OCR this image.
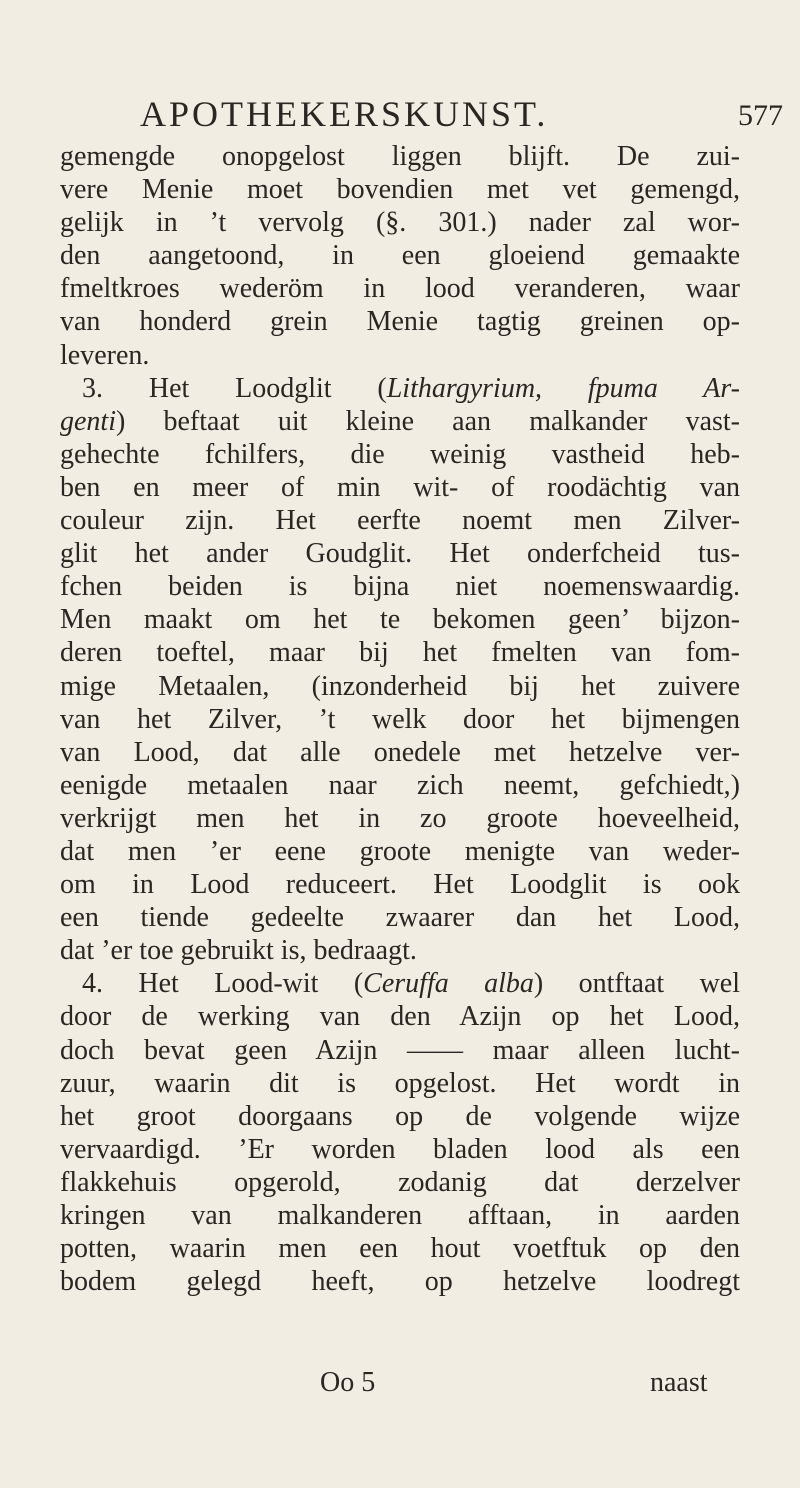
APOTHEKERSKUNST.	577
gemengde onopgelost liggen blijft. De zui-
vere Menie moet bovendien met vet gemengd,
gelijk in ’t vervolg (§. 301.) nader zal wor-
den aangetoond, in een gloeiend gemaakte
fmeltkroes wederöm in lood veranderen, waar
van honderd grein Menie tagtig greinen op-
leveren.
3. Het Loodglit (Lithargyrium, fpuma Ar-
genti) beftaat uit kleine aan malkander vast-
gehechte fchilfers, die weinig vastheid heb-
ben en meer of min wit- of roodächtig van
couleur zijn. Het eerfte noemt men Zilver-
glit het ander Goudglit. Het onderfcheid tus-
fchen beiden is bijna niet noemenswaardig.
Men maakt om het te bekomen geen’ bijzon-
deren toeftel, maar bij het fmelten van fom-
mige Metaalen, (inzonderheid bij het zuivere
van het Zilver, ’t welk door het bijmengen
van Lood, dat alle onedele met hetzelve ver-
eenigde metaalen naar zich neemt, gefchiedt,)
verkrijgt men het in zo groote hoeveelheid,
dat men ’er eene groote menigte van weder-
om in Lood reduceert. Het Loodglit is ook
een tiende gedeelte zwaarer dan het Lood,
dat ’er toe gebruikt is, bedraagt.
4. Het Lood-wit (Ceruffa alba) ontftaat wel
door de werking van den Azijn op het Lood,
doch bevat geen Azijn —— maar alleen lucht-
zuur, waarin dit is opgelost. Het wordt in
het groot doorgaans op de volgende wijze
vervaardigd. ’Er worden bladen lood als een
flakkehuis opgerold, zodanig dat derzelver
kringen van malkanderen afftaan, in aarden
potten, waarin men een hout voetftuk op den
bodem gelegd heeft, op hetzelve loodregt
Oo 5	naast
